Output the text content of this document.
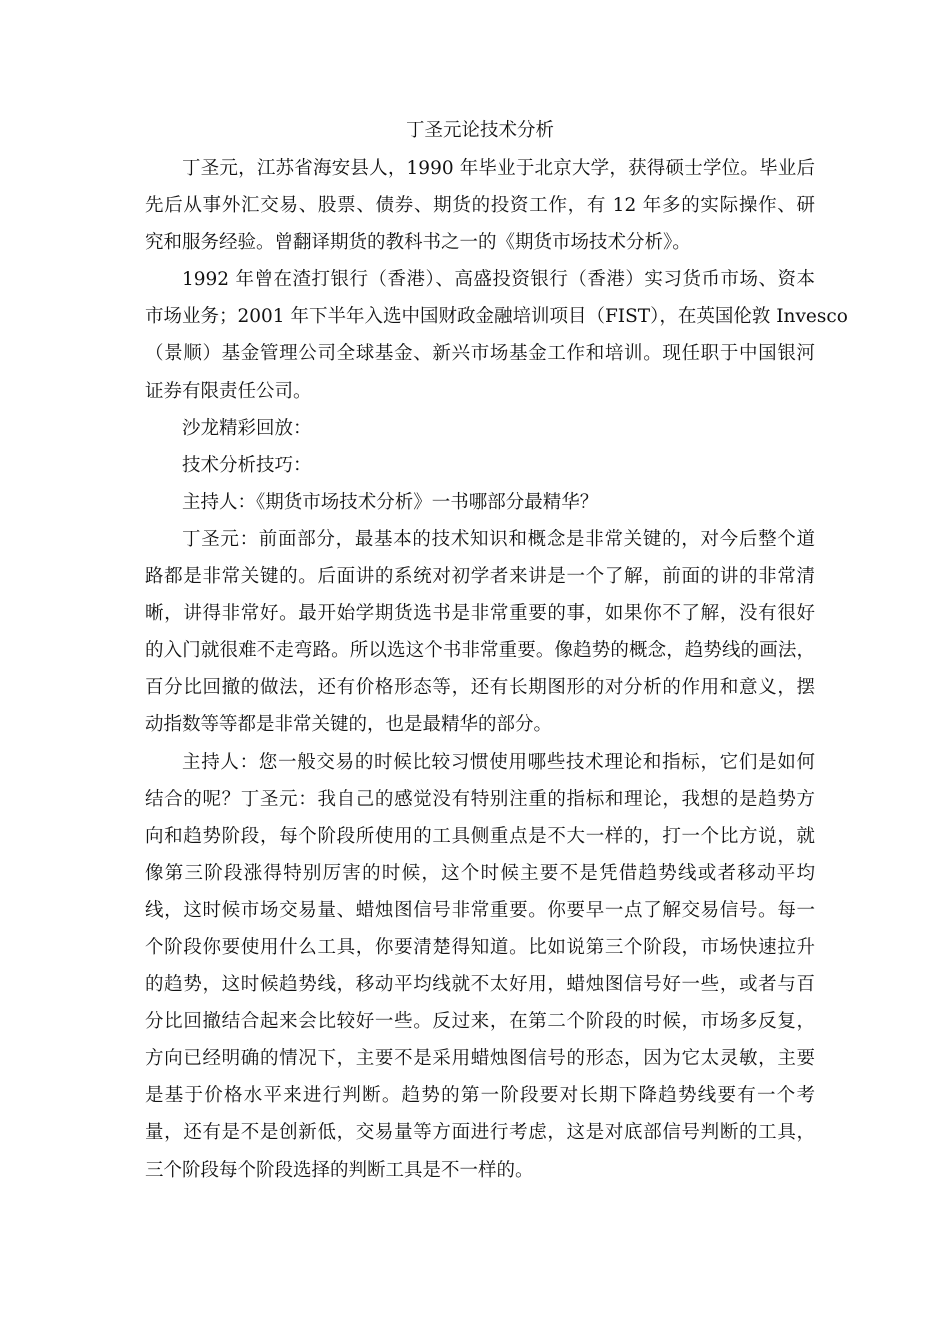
丁圣元论技术分析
丁圣元，江苏省海安县人，1990 年毕业于北京大学，获得硕士学位。毕业后
先后从事外汇交易、股票、债券、期货的投资工作，有 12 年多的实际操作、研
究和服务经验。曾翻译期货的教科书之一的《期货市场技术分析》。
1992 年曾在渣打银行（香港）、高盛投资银行（香港）实习货币市场、资本
市场业务；2001 年下半年入选中国财政金融培训项目（FIST），在英国伦敦 Invesco
（景顺）基金管理公司全球基金、新兴市场基金工作和培训。现任职于中国银河
证券有限责任公司。
沙龙精彩回放：
技术分析技巧：
主持人：《期货市场技术分析》一书哪部分最精华？
丁圣元：前面部分，最基本的技术知识和概念是非常关键的，对今后整个道
路都是非常关键的。后面讲的系统对初学者来讲是一个了解，前面的讲的非常清
晰，讲得非常好。最开始学期货选书是非常重要的事，如果你不了解，没有很好
的入门就很难不走弯路。所以选这个书非常重要。像趋势的概念，趋势线的画法，
百分比回撤的做法，还有价格形态等，还有长期图形的对分析的作用和意义，摆
动指数等等都是非常关键的，也是最精华的部分。
主持人：您一般交易的时候比较习惯使用哪些技术理论和指标，它们是如何
结合的呢？丁圣元：我自己的感觉没有特别注重的指标和理论，我想的是趋势方
向和趋势阶段，每个阶段所使用的工具侧重点是不大一样的，打一个比方说，就
像第三阶段涨得特别厉害的时候，这个时候主要不是凭借趋势线或者移动平均
线，这时候市场交易量、蜡烛图信号非常重要。你要早一点了解交易信号。每一
个阶段你要使用什么工具，你要清楚得知道。比如说第三个阶段，市场快速拉升
的趋势，这时候趋势线，移动平均线就不太好用，蜡烛图信号好一些，或者与百
分比回撤结合起来会比较好一些。反过来，在第二个阶段的时候，市场多反复，
方向已经明确的情况下，主要不是采用蜡烛图信号的形态，因为它太灵敏，主要
是基于价格水平来进行判断。趋势的第一阶段要对长期下降趋势线要有一个考
量，还有是不是创新低，交易量等方面进行考虑，这是对底部信号判断的工具，
三个阶段每个阶段选择的判断工具是不一样的。
